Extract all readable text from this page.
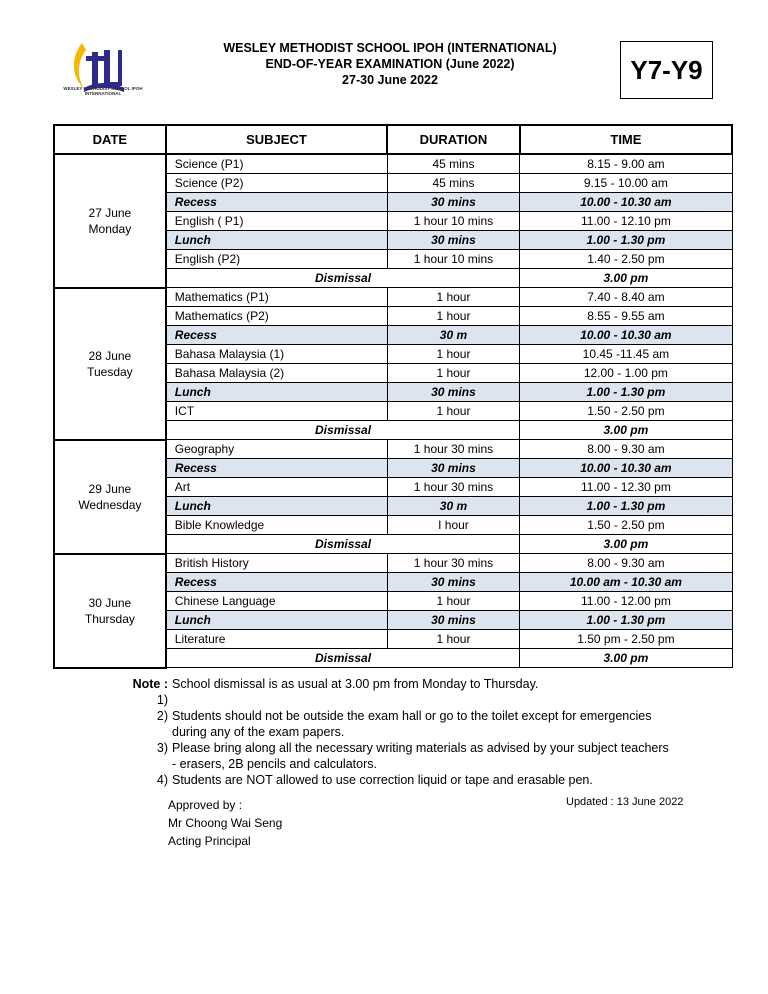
WESLEY METHODIST SCHOOL IPOH INTERNATIONAL
WESLEY METHODIST SCHOOL IPOH (INTERNATIONAL)
END-OF-YEAR EXAMINATION (June 2022)
27-30 June 2022	Y7-Y9
DATE	SUBJECT	DURATION	TIME

27 June
Monday	Science (P1)	45 mins	8.15 - 9.00 am
	Science (P2)	45 mins	9.15 - 10.00 am
	Recess	30 mins	10.00 - 10.30 am
	English ( P1)	1 hour 10 mins	11.00 - 12.10 pm
	Lunch	30 mins	1.00 - 1.30 pm
	English (P2)	1 hour 10 mins	1.40 - 2.50 pm
	Dismissal		3.00 pm

28 June
Tuesday	Mathematics (P1)	1 hour	7.40 - 8.40 am
	Mathematics (P2)	1 hour	8.55 - 9.55 am
	Recess	30 m	10.00 - 10.30 am
	Bahasa Malaysia (1)	1 hour	10.45 -11.45 am
	Bahasa Malaysia (2)	1 hour	12.00 - 1.00 pm
	Lunch	30 mins	1.00 - 1.30 pm
	ICT	1 hour	1.50 - 2.50 pm
	Dismissal		3.00 pm

29 June
Wednesday	Geography	1 hour 30 mins	8.00 - 9.30 am
	Recess	30 mins	10.00 - 10.30 am
	Art	1 hour 30 mins	11.00 - 12.30 pm
	Lunch	30 m	1.00 - 1.30 pm
	Bible Knowledge	I hour	1.50 - 2.50 pm
	Dismissal		3.00 pm

30 June
Thursday	British History	1 hour 30 mins	8.00 - 9.30 am
	Recess	30 mins	10.00 am - 10.30 am
	Chinese Language	1 hour	11.00 - 12.00 pm
	Lunch	30 mins	1.00 - 1.30 pm
	Literature	1 hour	1.50 pm - 2.50 pm
	Dismissal		3.00 pm
Note : 1)
School dismissal is as usual at 3.00 pm from Monday to Thursday.
2) Students should not be outside the exam hall or go to the toilet except for emergencies
during any of the exam papers.
3) Please bring along all the necessary writing materials as advised by your subject teachers
- erasers, 2B pencils and calculators.
4) Students are NOT allowed to use correction liquid or tape and erasable pen.
Approved by :
Mr Choong Wai Seng
Acting Principal
Updated : 13 June 2022
